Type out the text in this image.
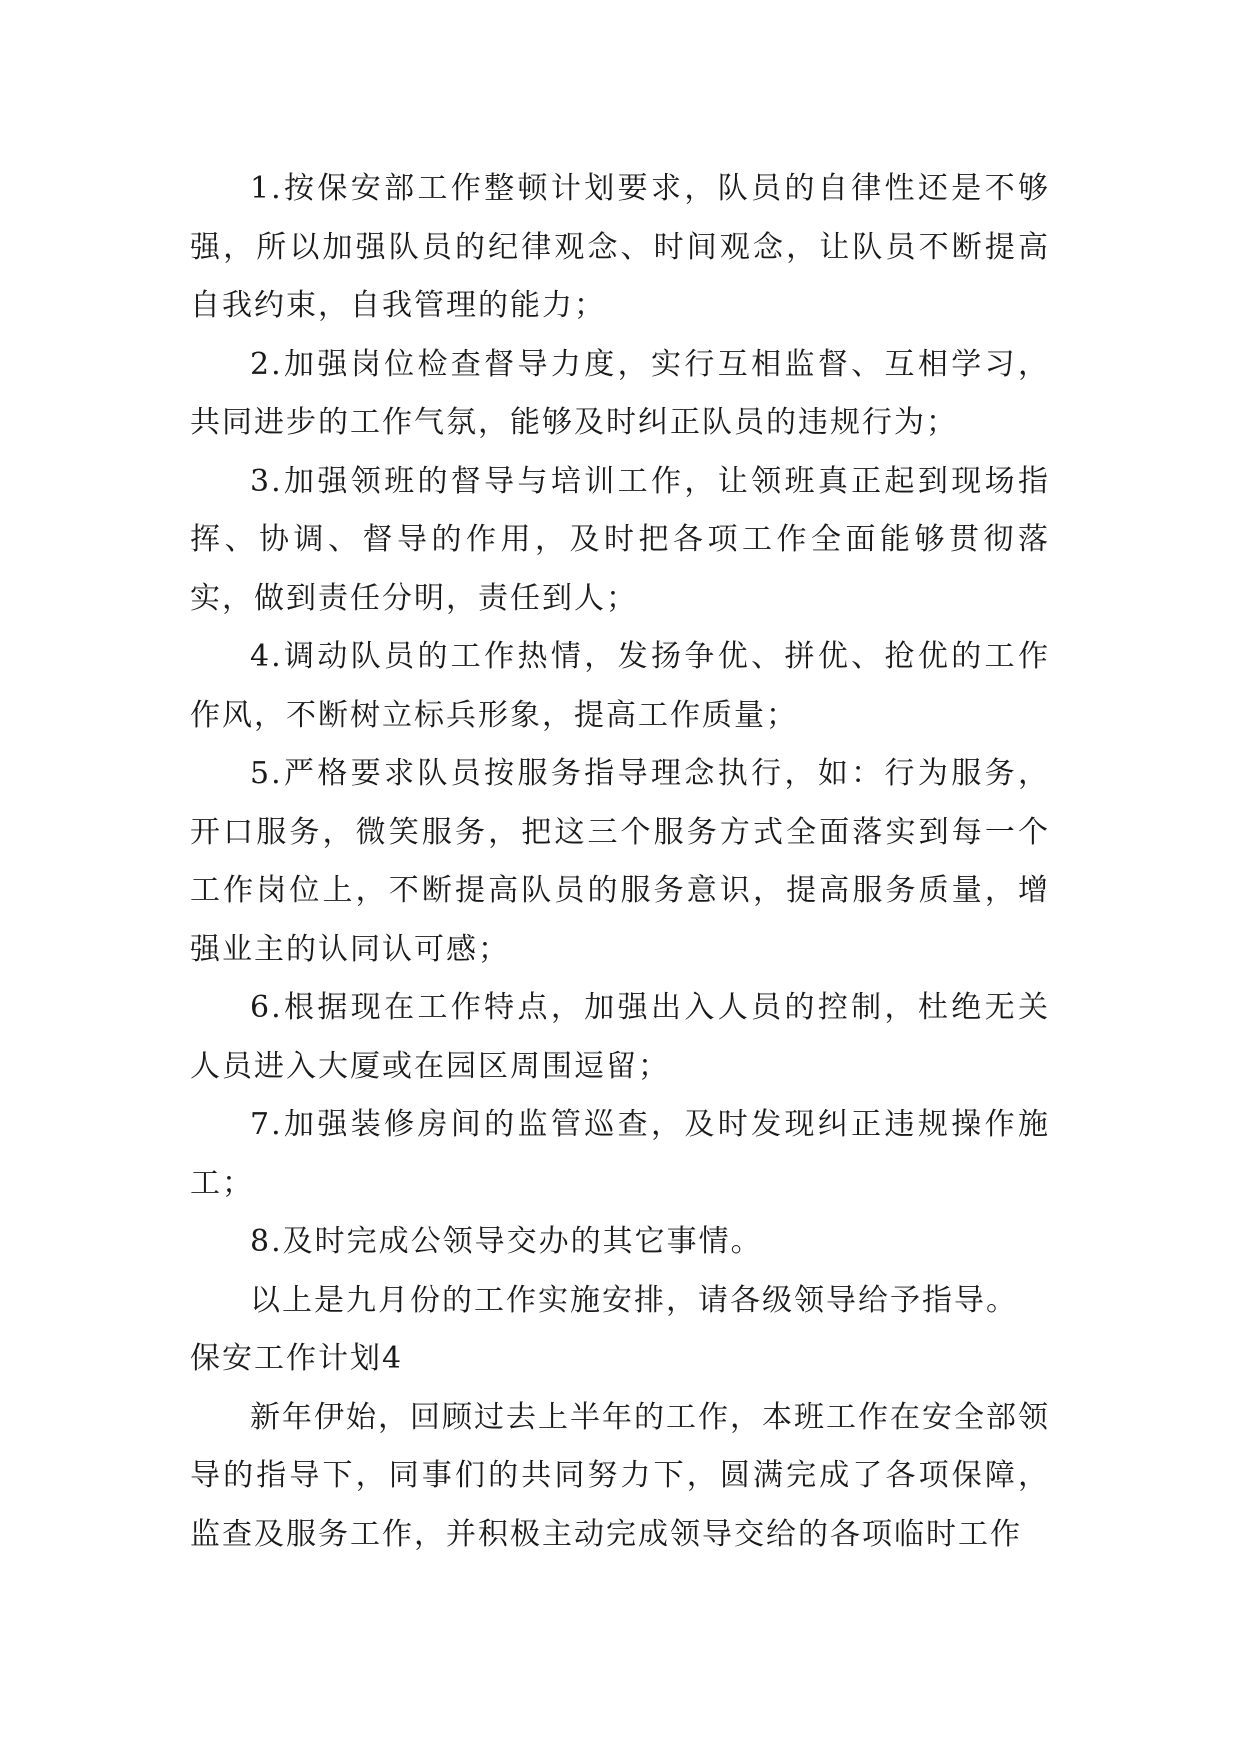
1.按保安部工作整顿计划要求，队员的自律性还是不够强，所以加强队员的纪律观念、时间观念，让队员不断提高自我约束，自我管理的能力；

2.加强岗位检查督导力度，实行互相监督、互相学习，共同进步的工作气氛，能够及时纠正队员的违规行为；

3.加强领班的督导与培训工作，让领班真正起到现场指挥、协调、督导的作用，及时把各项工作全面能够贯彻落实，做到责任分明，责任到人；

4.调动队员的工作热情，发扬争优、拼优、抢优的工作作风，不断树立标兵形象，提高工作质量；

5.严格要求队员按服务指导理念执行，如：行为服务，开口服务，微笑服务，把这三个服务方式全面落实到每一个工作岗位上，不断提高队员的服务意识，提高服务质量，增强业主的认同认可感；

6.根据现在工作特点，加强出入人员的控制，杜绝无关人员进入大厦或在园区周围逗留；

7.加强装修房间的监管巡查，及时发现纠正违规操作施工；

8.及时完成公领导交办的其它事情。

以上是九月份的工作实施安排，请各级领导给予指导。

保安工作计划4

新年伊始，回顾过去上半年的工作，本班工作在安全部领导的指导下，同事们的共同努力下，圆满完成了各项保障，监查及服务工作，并积极主动完成领导交给的各项临时工作
